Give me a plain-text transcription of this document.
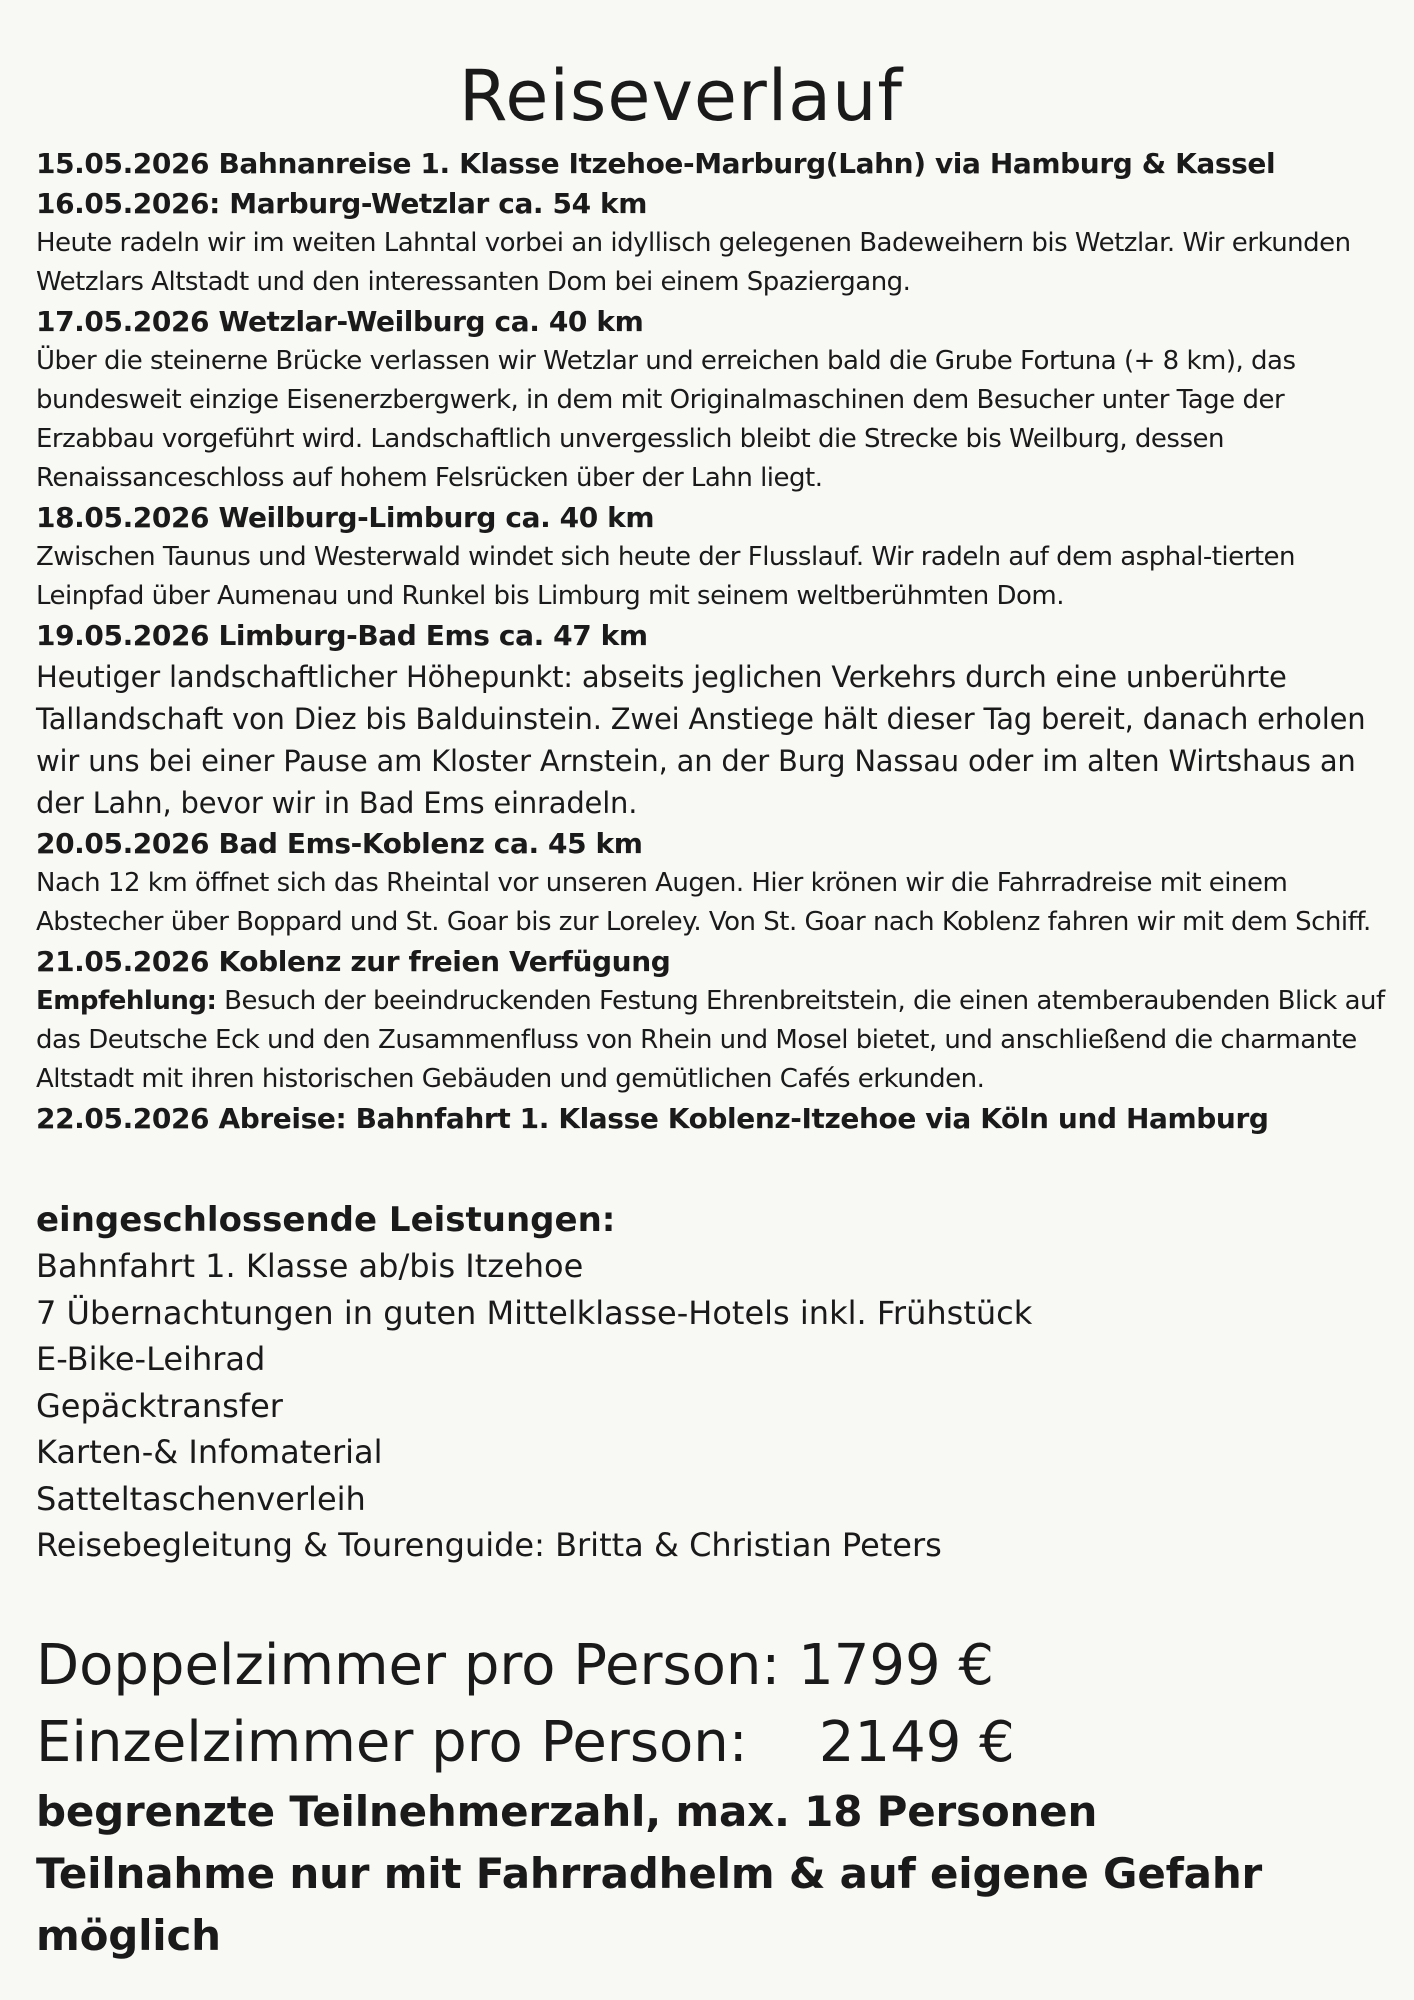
Reiseverlauf
15.05.2026 Bahnanreise 1. Klasse Itzehoe-Marburg(Lahn) via Hamburg & Kassel
16.05.2026: Marburg-Wetzlar ca. 54 km
Heute radeln wir im weiten Lahntal vorbei an idyllisch gelegenen Badeweihern bis Wetzlar. Wir erkunden Wetzlars Altstadt und den interessanten Dom bei einem Spaziergang.
17.05.2026 Wetzlar-Weilburg ca. 40 km
Über die steinerne Brücke verlassen wir Wetzlar und erreichen bald die Grube Fortuna (+ 8 km), das bundesweit einzige Eisenerzbergwerk, in dem mit Originalmaschinen dem Besucher unter Tage der Erzabbau vorgeführt wird. Landschaftlich unvergesslich bleibt die Strecke bis Weilburg, dessen Renaissanceschloss auf hohem Felsrücken über der Lahn liegt.
18.05.2026 Weilburg-Limburg ca. 40 km
Zwischen Taunus und Westerwald windet sich heute der Flusslauf. Wir radeln auf dem asphal-tierten Leinpfad über Aumenau und Runkel bis Limburg mit seinem weltberühmten Dom.
19.05.2026 Limburg-Bad Ems ca. 47 km
Heutiger landschaftlicher Höhepunkt: abseits jeglichen Verkehrs durch eine unberührte Tallandschaft von Diez bis Balduinstein. Zwei Anstiege hält dieser Tag bereit, danach erholen wir uns bei einer Pause am Kloster Arnstein, an der Burg Nassau oder im alten Wirtshaus an der Lahn, bevor wir in Bad Ems einradeln.
20.05.2026 Bad Ems-Koblenz ca. 45 km
Nach 12 km öffnet sich das Rheintal vor unseren Augen. Hier krönen wir die Fahrradreise mit einem Abstecher über Boppard und St. Goar bis zur Loreley. Von St. Goar nach Koblenz fahren wir mit dem Schiff.
21.05.2026 Koblenz zur freien Verfügung
Empfehlung: Besuch der beeindruckenden Festung Ehrenbreitstein, die einen atemberaubenden Blick auf das Deutsche Eck und den Zusammenfluss von Rhein und Mosel bietet, und anschließend die charmante Altstadt mit ihren historischen Gebäuden und gemütlichen Cafés erkunden.
22.05.2026 Abreise: Bahnfahrt 1. Klasse Koblenz-Itzehoe via Köln und Hamburg
eingeschlossende Leistungen:
Bahnfahrt 1. Klasse ab/bis Itzehoe
7 Übernachtungen in guten Mittelklasse-Hotels inkl. Frühstück
E-Bike-Leihrad
Gepäcktransfer
Karten-& Infomaterial
Satteltaschenverleih
Reisebegleitung & Tourenguide: Britta & Christian Peters
Doppelzimmer pro Person: 1799 €
Einzelzimmer pro Person:    2149 €
begrenzte Teilnehmerzahl, max. 18 Personen
Teilnahme nur mit Fahrradhelm & auf eigene Gefahr möglich
